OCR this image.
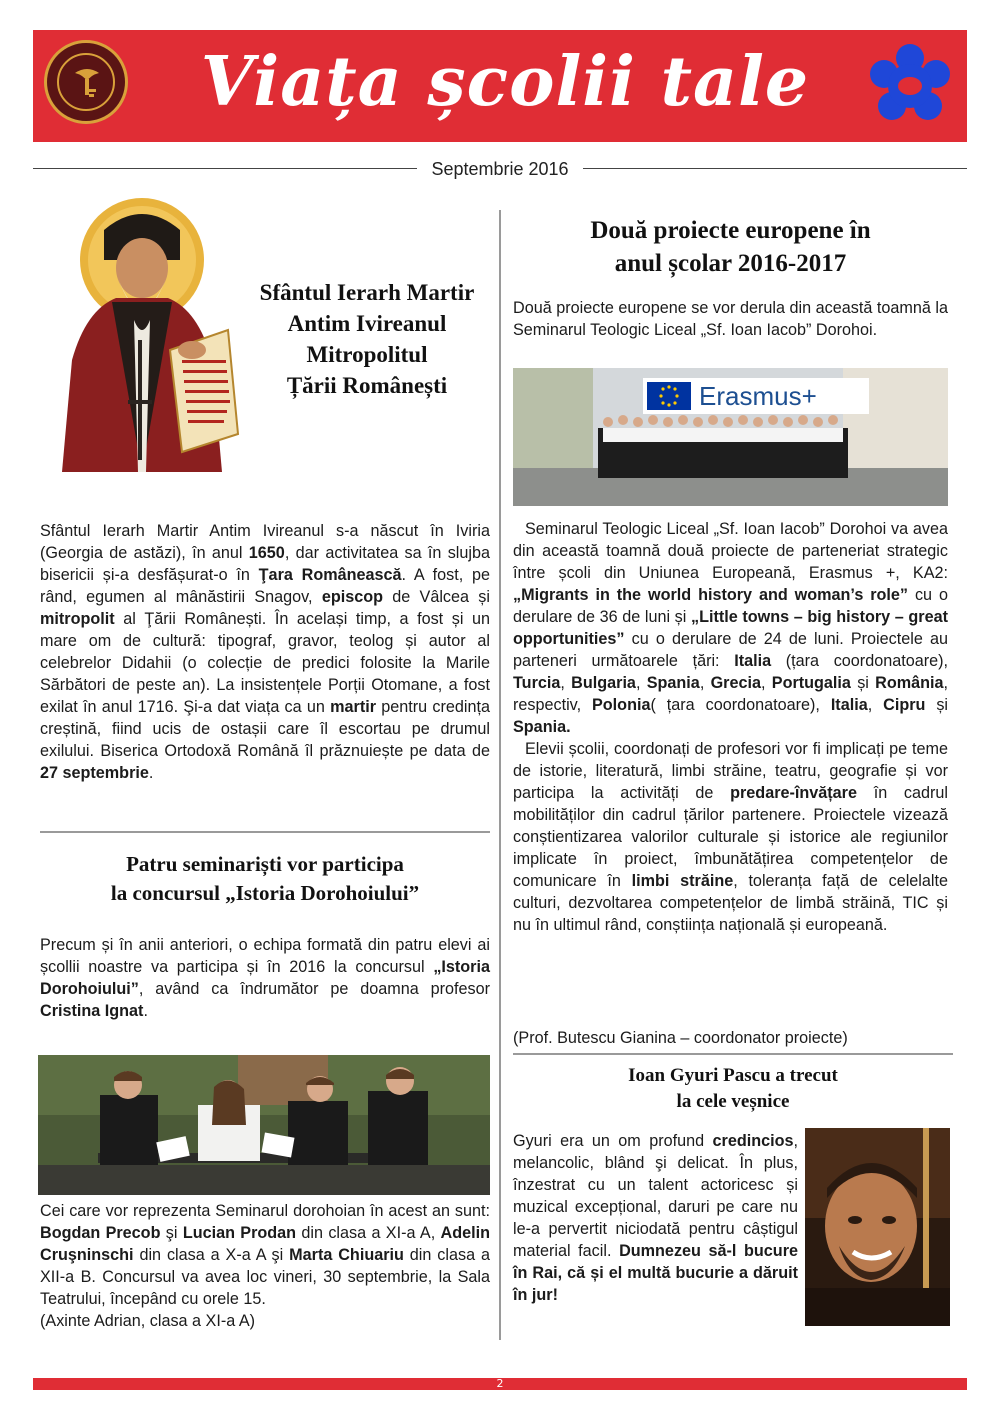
Viața școlii tale
Septembrie 2016
Sfântul Ierarh Martir
Antim Ivireanul
Mitropolitul
Țării Românești
Sfântul Ierarh Martir Antim Ivireanul s-a născut în Iviria (Georgia de astăzi), în anul 1650, dar activitatea sa în slujba bisericii și-a desfășurat-o în Ţara Românească. A fost, pe rând, egumen al mânăstirii Snagov, episcop de Vâlcea și mitropolit al Ţării Românești. În același timp, a fost și un mare om de cultură: tipograf, gravor, teolog și autor al celebrelor Didahii (o colecție de predici folosite la Marile Sărbători de peste an). La insistențele Porții Otomane, a fost exilat în anul 1716. Şi-a dat viața ca un martir pentru credința creștină, fiind ucis de ostașii care îl escortau pe drumul exilului. Biserica Ortodoxă Română îl prăznuiește pe data de 27 septembrie.
Patru seminariști vor participa
la concursul „Istoria Dorohoiului”
Precum și în anii anteriori, o echipa formată din patru elevi ai școllii noastre va participa și în 2016 la concursul „Istoria Dorohoiului”, având ca îndrumător pe doamna profesor Cristina Ignat.
Cei care vor reprezenta Seminarul dorohoian în acest an sunt: Bogdan Precob şi Lucian Prodan din clasa a XI-a A, Adelin Cruşninschi din clasa a X-a A şi Marta Chiuariu din clasa a XII-a B. Concursul va avea loc vineri, 30 septembrie, la Sala Teatrului, începând cu orele 15.
(Axinte Adrian, clasa a XI-a A)
Două proiecte europene în
anul școlar 2016-2017
Două proiecte europene se vor derula din această toamnă la Seminarul Teologic Liceal „Sf. Ioan Iacob” Dorohoi.
Erasmus+
Seminarul Teologic Liceal „Sf. Ioan Iacob” Dorohoi va avea din această toamnă două proiecte de parteneriat strategic între școli din Uniunea Europeană, Erasmus +, KA2: „Migrants in the world history and woman’s role” cu o derulare de 36 de luni și „Little towns – big history – great opportunities” cu o derulare de 24 de luni. Proiectele au parteneri următoarele țări: Italia (țara coordonatoare), Turcia, Bulgaria, Spania, Grecia, Portugalia și România, respectiv, Polonia( țara coordonatoare), Italia, Cipru și Spania.
Elevii școlii, coordonați de profesori vor fi implicați pe teme de istorie, literatură, limbi străine, teatru, geografie și vor participa la activități de predare-învățare în cadrul mobilităților din cadrul țărilor partenere. Proiectele vizează conștientizarea valorilor culturale și istorice ale regiunilor implicate în proiect, îmbunătățirea competențelor de comunicare în limbi străine, toleranța față de celelalte culturi, dezvoltarea competențelor de limbă străină, TIC și nu în ultimul rând, conștiința națională și europeană.
(Prof. Butescu Gianina – coordonator proiecte)
Ioan Gyuri Pascu a trecut
la cele veșnice
Gyuri era un om profund credincios, melancolic, blând şi delicat. În plus, înzestrat cu un talent actoricesc și muzical excepțional, daruri pe care nu le-a pervertit niciodată pentru câștigul material facil. Dumnezeu să-l bucure în Rai, că și el multă bucurie a dăruit în jur!
2
